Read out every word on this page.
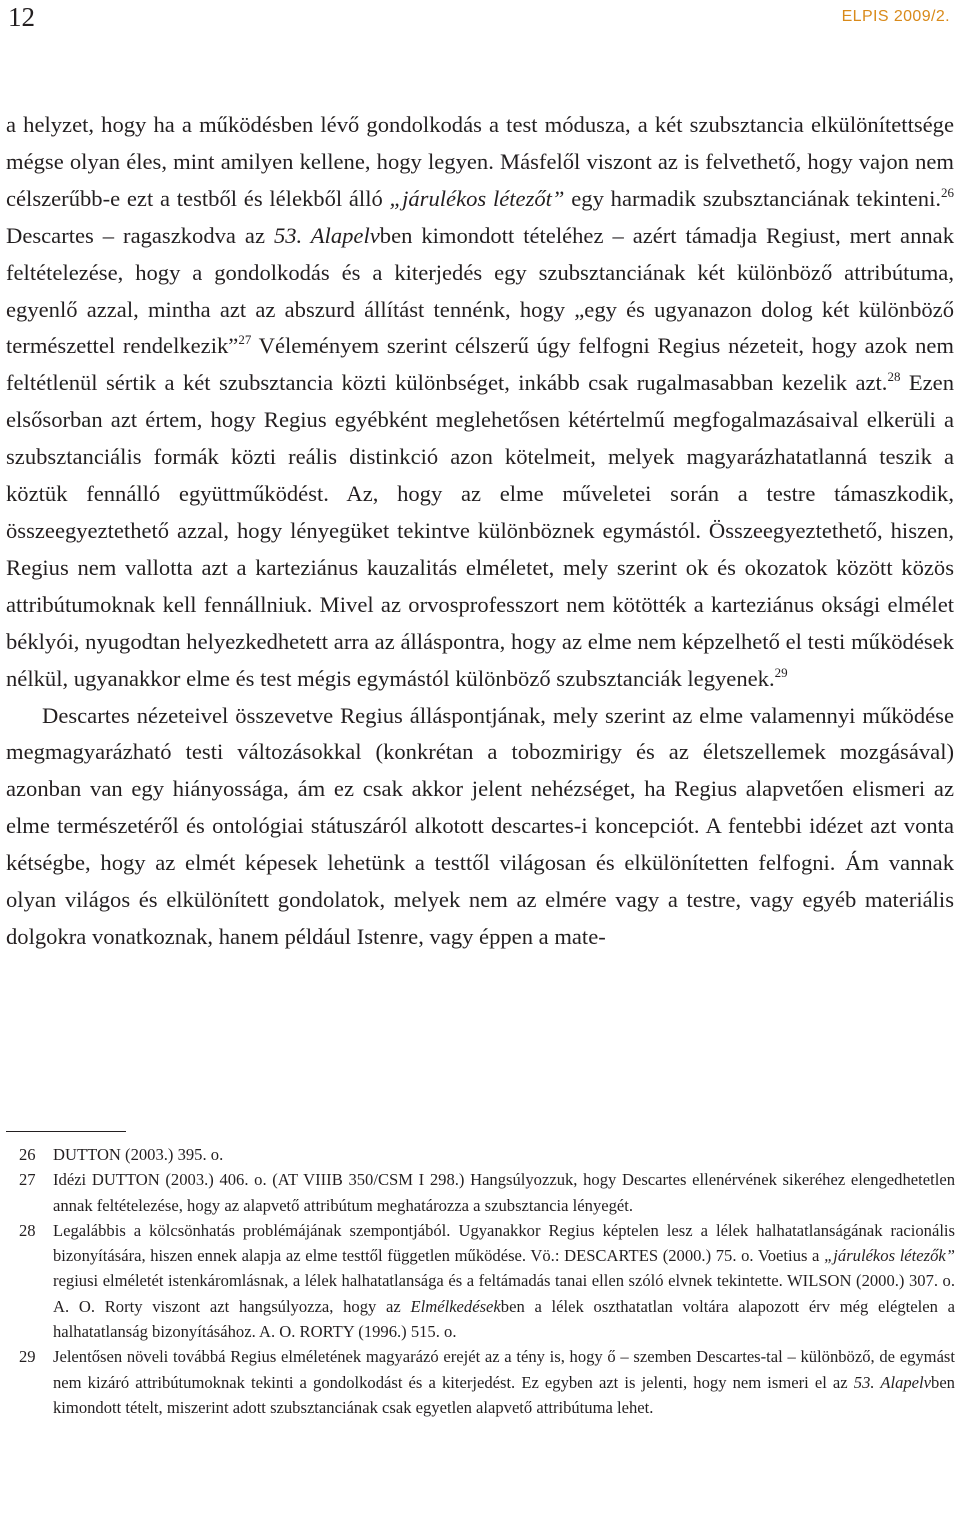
12	ELPIS 2009/2.

a helyzet, hogy ha a működésben lévő gondolkodás a test módusza, a két szubsztancia elkülönítettsége mégse olyan éles, mint amilyen kellene, hogy legyen. Másfelől viszont az is felvethető, hogy vajon nem célszerűbb-e ezt a testből és lélekből álló „járulékos létezőt” egy harmadik szubsztanciának tekinteni.$^{26}$ Descartes – ragaszkodva az 53. Alapelvben kimondott tételéhez – azért támadja Regiust, mert annak feltételezése, hogy a gondolkodás és a kiterjedés egy szubsztanciának két különböző attribútuma, egyenlő azzal, mintha azt az abszurd állítást tennénk, hogy „egy és ugyanazon dolog két különböző természettel rendelkezik”$^{27}$ Véleményem szerint célszerű úgy felfogni Regius nézeteit, hogy azok nem feltétlenül sértik a két szubsztancia közti különbséget, inkább csak rugalmasabban kezelik azt.$^{28}$ Ezen elsősorban azt értem, hogy Regius egyébként meglehetősen kétértelmű megfogalmazásaival elkerüli a szubsztanciális formák közti reális distinkció azon kötelmeit, melyek magyarázhatatlanná teszik a köztük fennálló együttműködést. Az, hogy az elme műveletei során a testre támaszkodik, összeegyeztethető azzal, hogy lényegüket tekintve különböznek egymástól. Összeegyeztethető, hiszen, Regius nem vallotta azt a karteziánus kauzalitás elméletet, mely szerint ok és okozatok között közös attribútumoknak kell fennállniuk. Mivel az orvosprofesszort nem kötötték a karteziánus oksági elmélet béklyói, nyugodtan helyezkedhetett arra az álláspontra, hogy az elme nem képzelhető el testi működések nélkül, ugyanakkor elme és test mégis egymástól különböző szubsztanciák legyenek.$^{29}$

Descartes nézeteivel összevetve Regius álláspontjának, mely szerint az elme valamennyi működése megmagyarázható testi változásokkal (konkrétan a tobozmirigy és az életszellemek mozgásával) azonban van egy hiányossága, ám ez csak akkor jelent nehézséget, ha Regius alapvetően elismeri az elme természetéről és ontológiai státuszáról alkotott descartes-i koncepciót. A fentebbi idézet azt vonta kétségbe, hogy az elmét képesek lehetünk a testtől világosan és elkülönítetten felfogni. Ám vannak olyan világos és elkülönített gondolatok, melyek nem az elmére vagy a testre, vagy egyéb materiális dolgokra vonatkoznak, hanem például Istenre, vagy éppen a mate-

26 DUTTON (2003.) 395. o.

27 Idézi DUTTON (2003.) 406. o. (AT VIIIB 350/CSM I 298.) Hangsúlyozzuk, hogy Descartes ellenérvének sikeréhez elengedhetetlen annak feltételezése, hogy az alapvető attribútum meghatározza a szubsztancia lényegét.

28 Legalábbis a kölcsönhatás problémájának szempontjából. Ugyanakkor Regius képtelen lesz a lélek halhatatlanságának racionális bizonyítására, hiszen ennek alapja az elme testtől független működése. Vö.: DESCARTES (2000.) 75. o. Voetius a „járulékos létezők” regiusi elméletét istenkáromlásnak, a lélek halhatatlansága és a feltámadás tanai ellen szóló elvnek tekintette. WILSON (2000.) 307. o. A. O. Rorty viszont azt hangsúlyozza, hogy az Elmélkedésekben a lélek oszthatatlan voltára alapozott érv még elégtelen a halhatatlanság bizonyításához. A. O. RORTY (1996.) 515. o.

29 Jelentősen növeli továbbá Regius elméletének magyarázó erejét az a tény is, hogy ő – szemben Descartes-tal – különböző, de egymást nem kizáró attribútumoknak tekinti a gondolkodást és a kiterjedést. Ez egyben azt is jelenti, hogy nem ismeri el az 53. Alapelvben kimondott tételt, miszerint adott szubsztanciának csak egyetlen alapvető attribútuma lehet.
